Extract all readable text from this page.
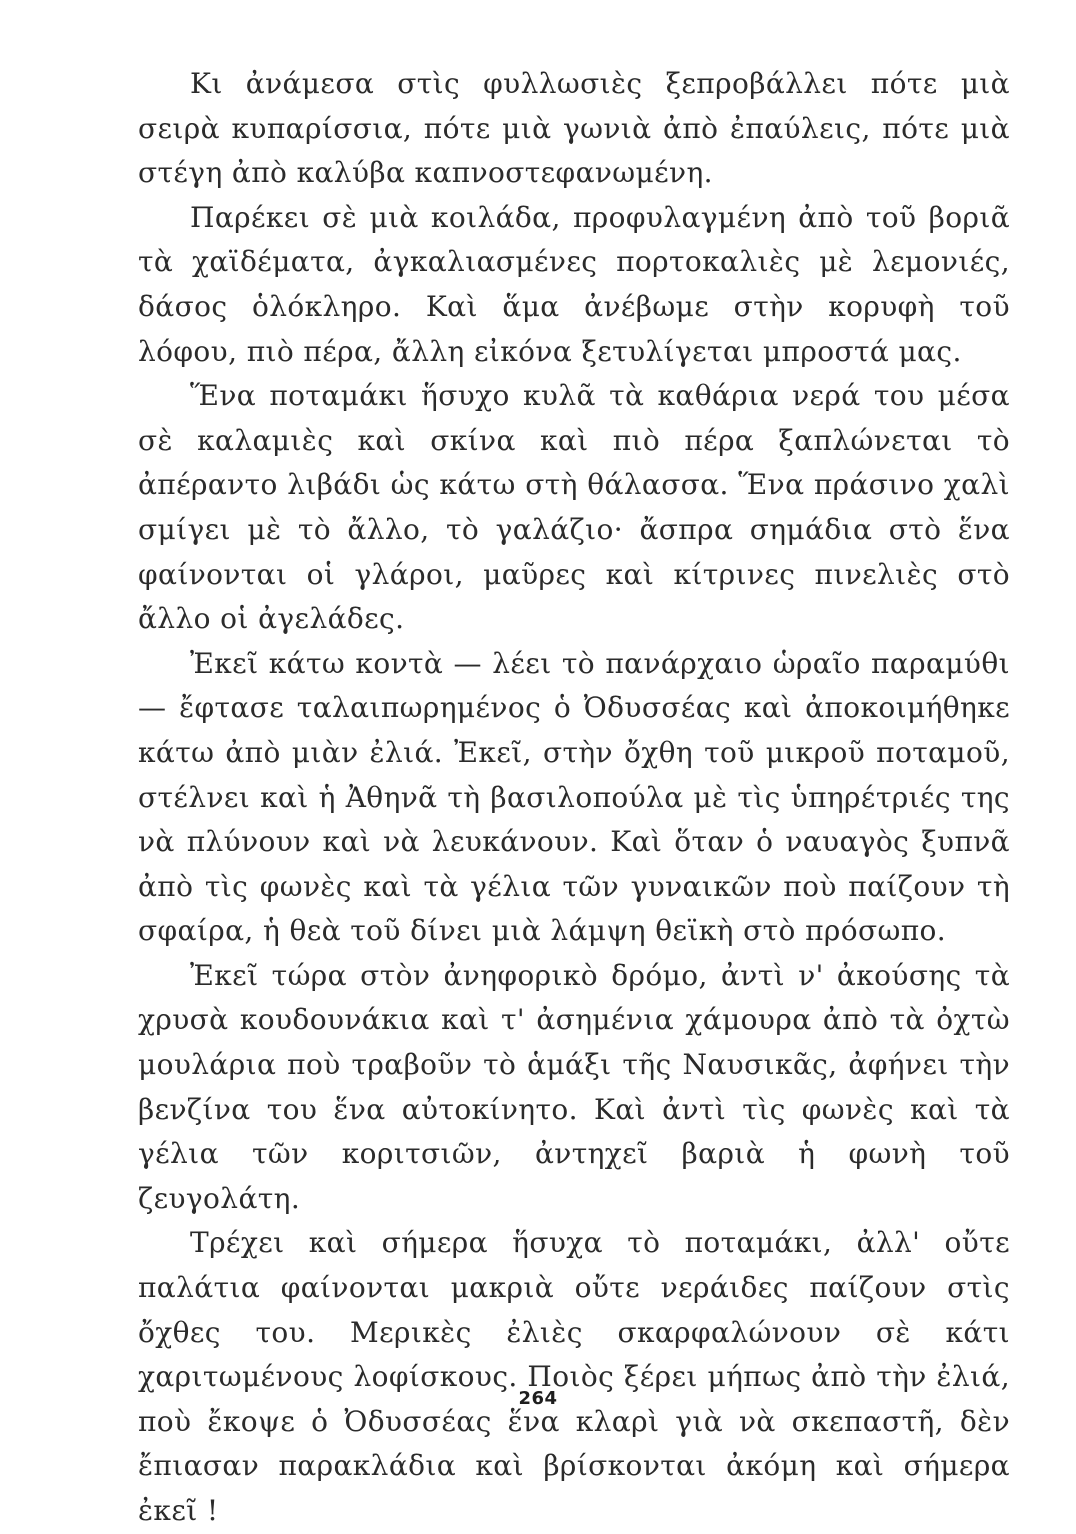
Κι ἀνάμεσα στὶς φυλλωσιὲς ξεπροβάλλει πότε μιὰ σειρὰ κυπαρίσσια, πότε μιὰ γωνιὰ ἀπὸ ἐπαύλεις, πότε μιὰ στέγη ἀπὸ καλύβα καπνοστεφανωμένη.

Παρέκει σὲ μιὰ κοιλάδα, προφυλαγμένη ἀπὸ τοῦ βοριᾶ τὰ χαϊδέματα, ἀγκαλιασμένες πορτοκαλιὲς μὲ λεμονιές, δάσος ὁλόκληρο. Καὶ ἅμα ἀνέβωμε στὴν κορυφὴ τοῦ λόφου, πιὸ πέρα, ἄλλη εἰκόνα ξετυλίγεται μπροστά μας.

Ἕνα ποταμάκι ἥσυχο κυλᾶ τὰ καθάρια νερά του μέσα σὲ καλαμιὲς καὶ σκίνα καὶ πιὸ πέρα ξαπλώνεται τὸ ἀπέραντο λιβάδι ὡς κάτω στὴ θάλασσα. Ἕνα πράσινο χαλὶ σμίγει μὲ τὸ ἄλλο, τὸ γαλάζιο· ἄσπρα σημάδια στὸ ἕνα φαίνονται οἱ γλάροι, μαῦρες καὶ κίτρινες πινελιὲς στὸ ἄλλο οἱ ἀγελάδες.

Ἐκεῖ κάτω κοντὰ — λέει τὸ πανάρχαιο ὡραῖο παραμύθι — ἔφτασε ταλαιπωρημένος ὁ Ὀδυσσέας καὶ ἀποκοιμήθηκε κάτω ἀπὸ μιὰν ἐλιά. Ἐκεῖ, στὴν ὄχθη τοῦ μικροῦ ποταμοῦ, στέλνει καὶ ἡ Ἀθηνᾶ τὴ βασιλοπούλα μὲ τὶς ὑπηρέτριές της νὰ πλύνουν καὶ νὰ λευκάνουν. Καὶ ὅταν ὁ ναυαγὸς ξυπνᾶ ἀπὸ τὶς φωνὲς καὶ τὰ γέλια τῶν γυναικῶν ποὺ παίζουν τὴ σφαίρα, ἡ θεὰ τοῦ δίνει μιὰ λάμψη θεϊκὴ στὸ πρόσωπο.

Ἐκεῖ τώρα στὸν ἀνηφορικὸ δρόμο, ἀντὶ ν' ἀκούσης τὰ χρυσὰ κουδουνάκια καὶ τ' ἀσημένια χάμουρα ἀπὸ τὰ ὀχτὼ μουλάρια ποὺ τραβοῦν τὸ ἁμάξι τῆς Ναυσικᾶς, ἀφήνει τὴν βενζίνα του ἕνα αὐτοκίνητο. Καὶ ἀντὶ τὶς φωνὲς καὶ τὰ γέλια τῶν κοριτσιῶν, ἀντηχεῖ βαριὰ ἡ φωνὴ τοῦ ζευγολάτη.

Τρέχει καὶ σήμερα ἥσυχα τὸ ποταμάκι, ἀλλ' οὔτε παλάτια φαίνονται μακριὰ οὔτε νεράιδες παίζουν στὶς ὄχθες του. Μερικὲς ἐλιὲς σκαρφαλώνουν σὲ κάτι χαριτωμένους λοφίσκους. Ποιὸς ξέρει μήπως ἀπὸ τὴν ἐλιά, ποὺ ἔκοψε ὁ Ὀδυσσέας ἕνα κλαρὶ γιὰ νὰ σκεπαστῆ, δὲν ἔπιασαν παρακλάδια καὶ βρίσκονται ἀκόμη καὶ σήμερα ἐκεῖ !

264
